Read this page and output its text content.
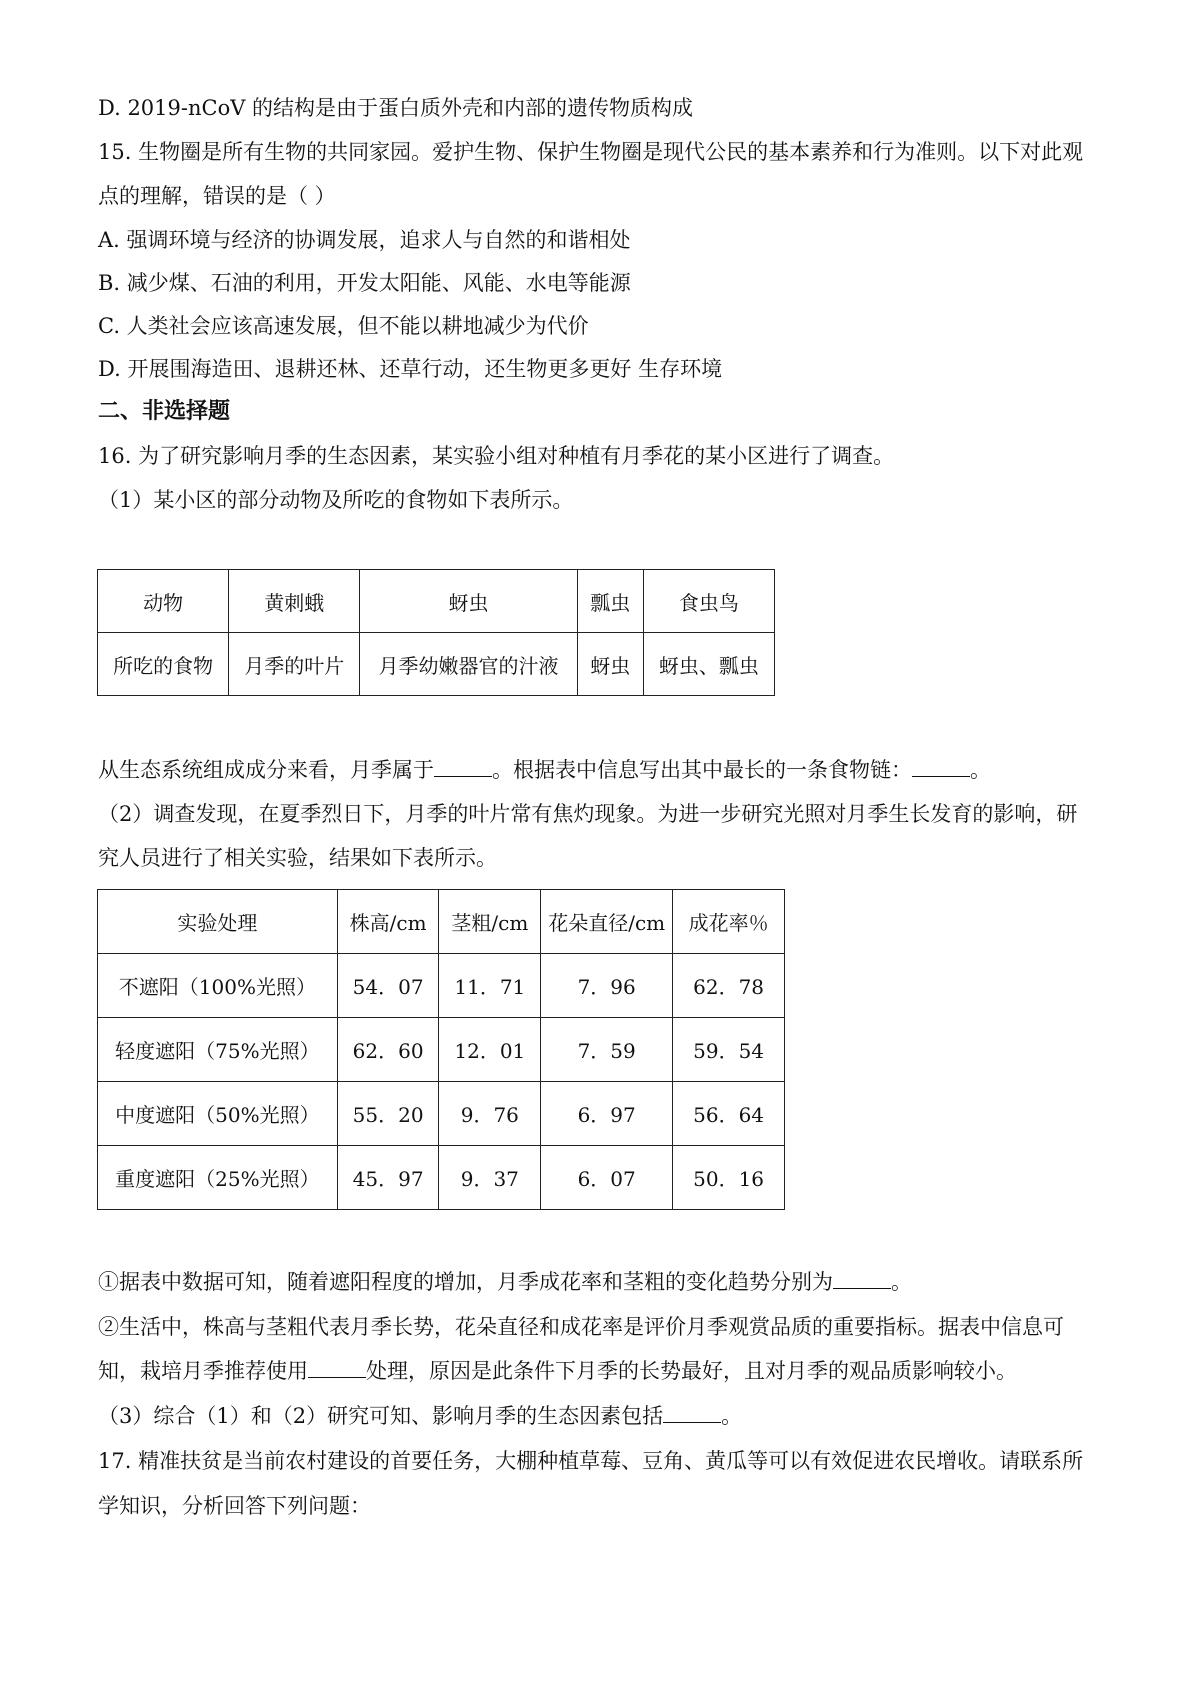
D. 2019-nCoV 的结构是由于蛋白质外壳和内部的遗传物质构成
15. 生物圈是所有生物的共同家园。爱护生物、保护生物圈是现代公民的基本素养和行为准则。以下对此观
点的理解，错误的是（ ）
A. 强调环境与经济的协调发展，追求人与自然的和谐相处
B. 减少煤、石油的利用，开发太阳能、风能、水电等能源
C. 人类社会应该高速发展，但不能以耕地减少为代价
D. 开展围海造田、退耕还林、还草行动，还生物更多更好 生存环境
二、非选择题
16. 为了研究影响月季的生态因素，某实验小组对种植有月季花的某小区进行了调查。
（1）某小区的部分动物及所吃的食物如下表所示。
动物	黄刺蛾	蚜虫	瓢虫	食虫鸟
所吃的食物	月季的叶片	月季幼嫩器官的汁液	蚜虫	蚜虫、瓢虫
从生态系统组成成分来看，月季属于	。根据表中信息写出其中最长的一条食物链：	。
（2）调查发现，在夏季烈日下，月季的叶片常有焦灼现象。为进一步研究光照对月季生长发育的影响，研
究人员进行了相关实验，结果如下表所示。
实验处理	株高/cm	茎粗/cm	花朵直径/cm	成花率％
不遮阳（100%光照）	54．07	11．71	7．96	62．78
轻度遮阳（75%光照）	62．60	12．01	7．59	59．54
中度遮阳（50%光照）	55．20	9．76	6．97	56．64
重度遮阳（25%光照）	45．97	9．37	6．07	50．16
①据表中数据可知，随着遮阳程度的增加，月季成花率和茎粗的变化趋势分别为	。
②生活中，株高与茎粗代表月季长势，花朵直径和成花率是评价月季观赏品质的重要指标。据表中信息可
知，栽培月季推荐使用	处理，原因是此条件下月季的长势最好，且对月季的观品质影响较小。
（3）综合（1）和（2）研究可知、影响月季的生态因素包括	。
17. 精准扶贫是当前农村建设的首要任务，大棚种植草莓、豆角、黄瓜等可以有效促进农民增收。请联系所
学知识，分析回答下列问题：
